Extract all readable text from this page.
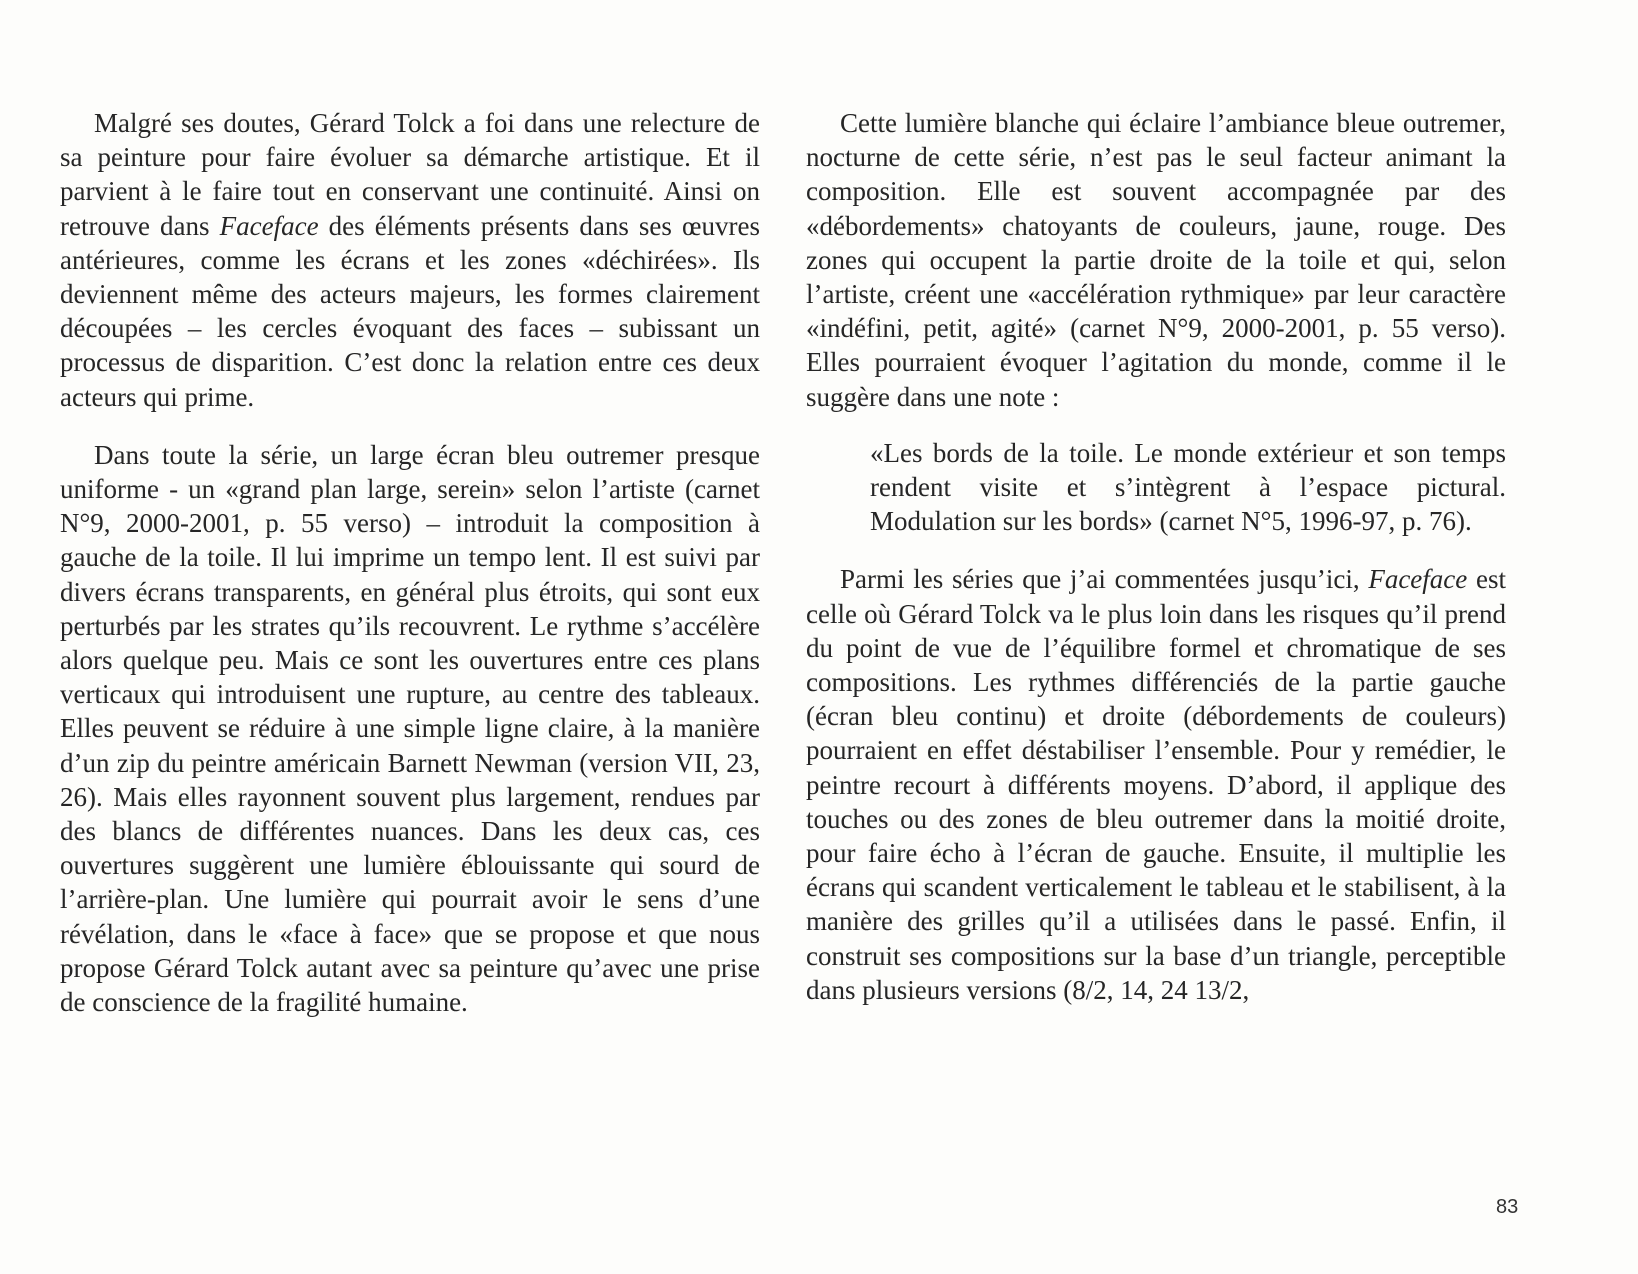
Malgré ses doutes, Gérard Tolck a foi dans une relecture de sa peinture pour faire évoluer sa démarche artistique. Et il parvient à le faire tout en conservant une continuité. Ainsi on retrouve dans Faceface des éléments présents dans ses œuvres antérieures, comme les écrans et les zones «déchirées». Ils deviennent même des acteurs majeurs, les formes clairement découpées – les cercles évoquant des faces – subissant un processus de disparition. C’est donc la relation entre ces deux acteurs qui prime.

Dans toute la série, un large écran bleu outremer presque uniforme - un «grand plan large, serein» selon l’artiste (carnet N°9, 2000-2001, p. 55 verso) – introduit la composition à gauche de la toile. Il lui imprime un tempo lent. Il est suivi par divers écrans transparents, en général plus étroits, qui sont eux perturbés par les strates qu’ils recouvrent. Le rythme s’accélère alors quelque peu. Mais ce sont les ouvertures entre ces plans verticaux qui introduisent une rupture, au centre des tableaux. Elles peuvent se réduire à une simple ligne claire, à la manière d’un zip du peintre américain Barnett Newman (version VII, 23, 26). Mais elles rayonnent souvent plus largement, rendues par des blancs de différentes nuances. Dans les deux cas, ces ouvertures suggèrent une lumière éblouissante qui sourd de l’arrière-plan. Une lumière qui pourrait avoir le sens d’une révélation, dans le «face à face» que se propose et que nous propose Gérard Tolck autant avec sa peinture qu’avec une prise de conscience de la fragilité humaine.

Cette lumière blanche qui éclaire l’ambiance bleue outremer, nocturne de cette série, n’est pas le seul facteur animant la composition. Elle est souvent accompagnée par des «débordements» chatoyants de couleurs, jaune, rouge. Des zones qui occupent la partie droite de la toile et qui, selon l’artiste, créent une «accélération rythmique» par leur caractère «indéfini, petit, agité» (carnet N°9, 2000-2001, p. 55 verso). Elles pourraient évoquer l’agitation du monde, comme il le suggère dans une note :

«Les bords de la toile. Le monde extérieur et son temps rendent visite et s’intègrent à l’espace pictural. Modulation sur les bords» (carnet N°5, 1996-97, p. 76).

Parmi les séries que j’ai commentées jusqu’ici, Faceface est celle où Gérard Tolck va le plus loin dans les risques qu’il prend du point de vue de l’équilibre formel et chromatique de ses compositions. Les rythmes différenciés de la partie gauche (écran bleu continu) et droite (débordements de couleurs) pourraient en effet déstabiliser l’ensemble. Pour y remédier, le peintre recourt à différents moyens. D’abord, il applique des touches ou des zones de bleu outremer dans la moitié droite, pour faire écho à l’écran de gauche. Ensuite, il multiplie les écrans qui scandent verticalement le tableau et le stabilisent, à la manière des grilles qu’il a utilisées dans le passé. Enfin, il construit ses compositions sur la base d’un triangle, perceptible dans plusieurs versions (8/2, 14, 24 13/2,

83
